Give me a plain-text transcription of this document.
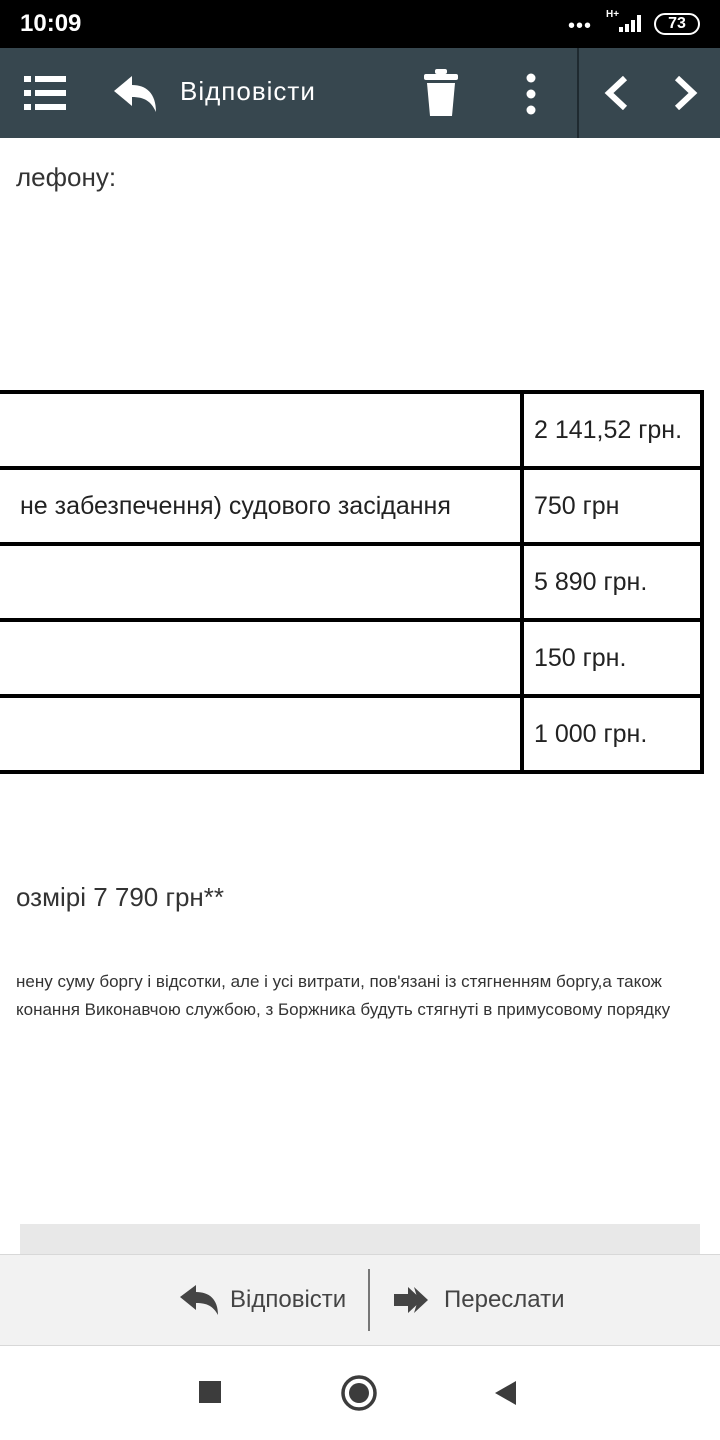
10:09	•••
H+
73
Відповісти
лефону:
	2 141,52 грн.
не забезпечення) судового засідання	750 грн
	5 890 грн.
	150 грн.
	1 000 грн.
озмірі 7 790 грн**
нену суму боргу і відсотки, але і усі витрати, пов'язані із стягненням боргу,а також
конання Виконавчою службою, з Боржника будуть стягнуті в примусовому порядку
Відповісти	Переслати
